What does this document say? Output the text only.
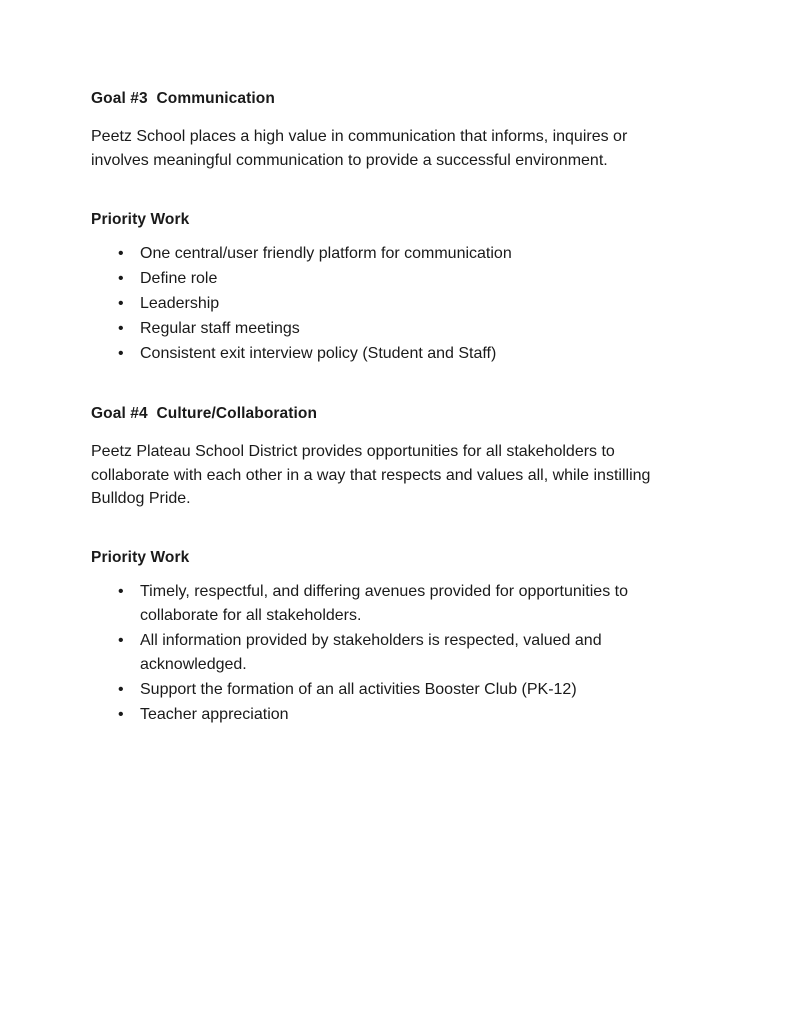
Goal #3  Communication

Peetz School places a high value in communication that informs, inquires or involves meaningful communication to provide a successful environment.

Priority Work
• One central/user friendly platform for communication
• Define role
• Leadership
• Regular staff meetings
• Consistent exit interview policy (Student and Staff)
Goal #4  Culture/Collaboration

Peetz Plateau School District provides opportunities for all stakeholders to collaborate with each other in a way that respects and values all, while instilling Bulldog Pride.

Priority Work
• Timely, respectful, and differing avenues provided for opportunities to collaborate for all stakeholders.
• All information provided by stakeholders is respected, valued and acknowledged.
• Support the formation of an all activities Booster Club (PK-12)
• Teacher appreciation
